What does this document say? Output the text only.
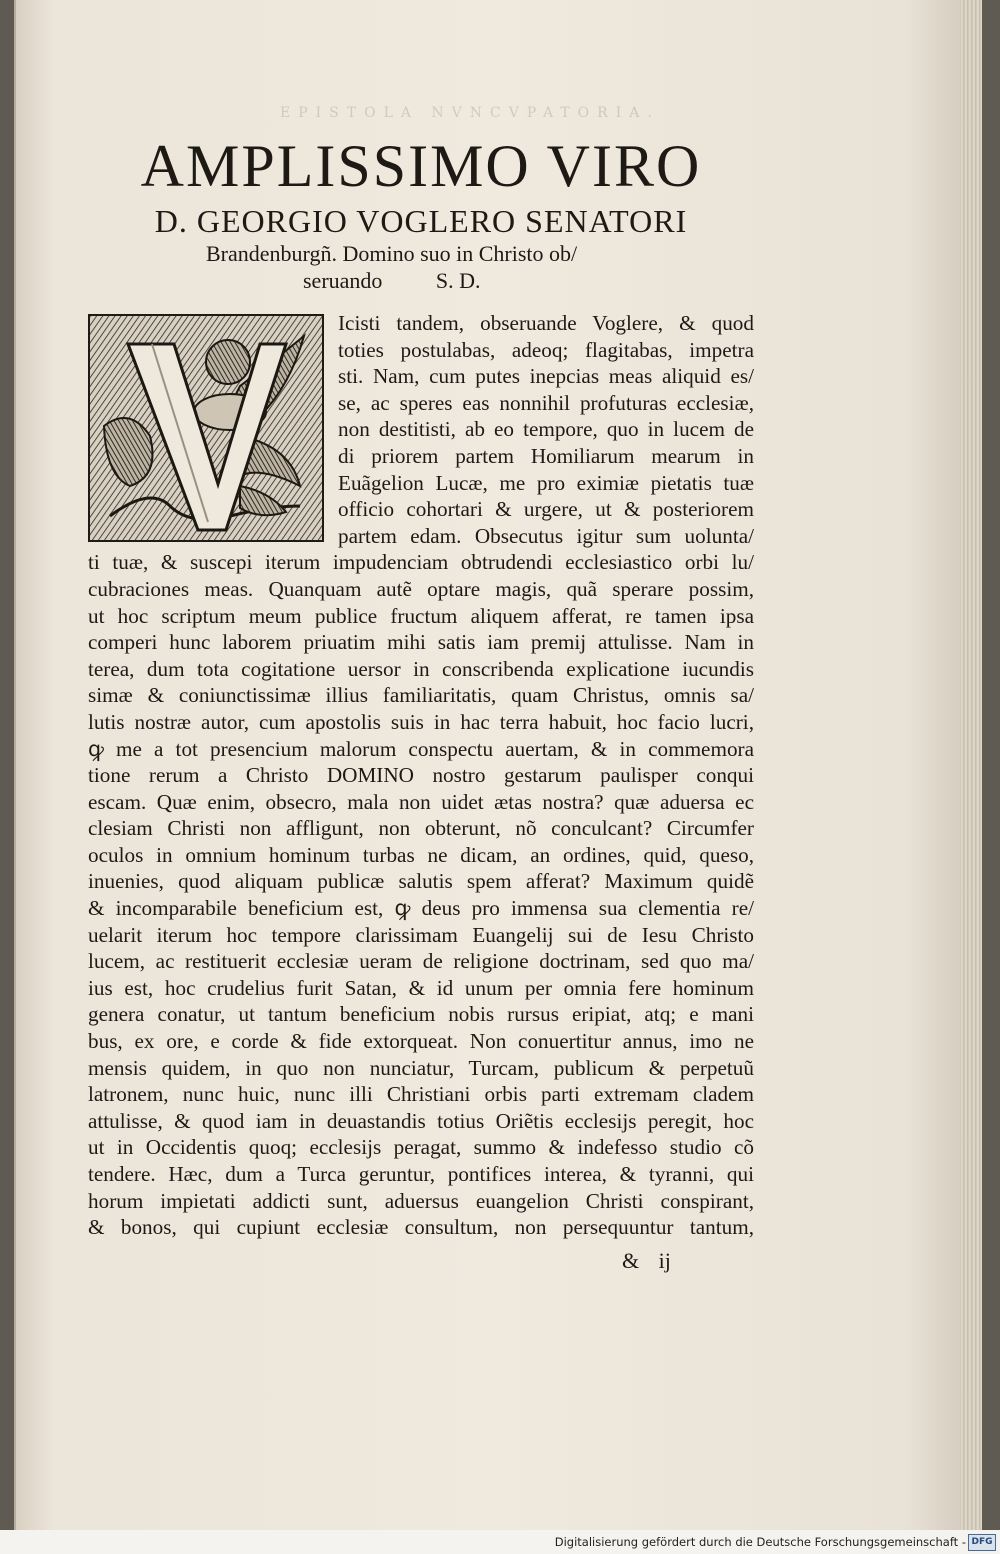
EPISTOLA NVNCVPATORIA.
AMPLISSIMO VIRO
D. GEORGIO VOGLERO SENATORI
Brandenburgñ. Domino suo in Christo ob/
seruando S. D.
Icisti tandem, obseruande Voglere, & quod
toties postulabas, adeoq; flagitabas, impetra
sti. Nam, cum putes inepcias meas aliquid es/
se, ac speres eas nonnihil profuturas ecclesiæ,
non destitisti, ab eo tempore, quo in lucem de
di priorem partem Homiliarum mearum in
Euãgelion Lucæ, me pro eximiæ pietatis tuæ
officio cohortari & urgere, ut & posteriorem
partem edam. Obsecutus igitur sum uolunta/
ti tuæ, & suscepi iterum impudenciam obtrudendi ecclesiastico orbi lu/
cubraciones meas. Quanquam autẽ optare magis, quã sperare possim,
ut hoc scriptum meum publice fructum aliquem afferat, re tamen ipsa
comperi hunc laborem priuatim mihi satis iam premij attulisse. Nam in
terea, dum tota cogitatione uersor in conscribenda explicatione iucundis
simæ & coniunctissimæ illius familiaritatis, quam Christus, omnis sa/
lutis nostræ autor, cum apostolis suis in hac terra habuit, hoc facio lucri,
ꝙ me a tot presencium malorum conspectu auertam, & in commemora
tione rerum a Christo DOMINO nostro gestarum paulisper conqui
escam. Quæ enim, obsecro, mala non uidet ætas nostra? quæ aduersa ec
clesiam Christi non affligunt, non obterunt, nõ conculcant? Circumfer
oculos in omnium hominum turbas ne dicam, an ordines, quid, queso,
inuenies, quod aliquam publicæ salutis spem afferat? Maximum quidẽ
& incomparabile beneficium est, ꝙ deus pro immensa sua clementia re/
uelarit iterum hoc tempore clarissimam Euangelij sui de Iesu Christo
lucem, ac restituerit ecclesiæ ueram de religione doctrinam, sed quo ma/
ius est, hoc crudelius furit Satan, & id unum per omnia fere hominum
genera conatur, ut tantum beneficium nobis rursus eripiat, atq; e mani
bus, ex ore, e corde & fide extorqueat. Non conuertitur annus, imo ne
mensis quidem, in quo non nunciatur, Turcam, publicum & perpetuũ
latronem, nunc huic, nunc illi Christiani orbis parti extremam cladem
attulisse, & quod iam in deuastandis totius Oriẽtis ecclesijs peregit, hoc
ut in Occidentis quoq; ecclesijs peragat, summo & indefesso studio cõ
tendere. Hæc, dum a Turca geruntur, pontifices interea, & tyranni, qui
horum impietati addicti sunt, aduersus euangelion Christi conspirant,
& bonos, qui cupiunt ecclesiæ consultum, non persequuntur tantum,
& ij
Digitalisierung gefördert durch die Deutsche Forschungsgemeinschaft - DFG
